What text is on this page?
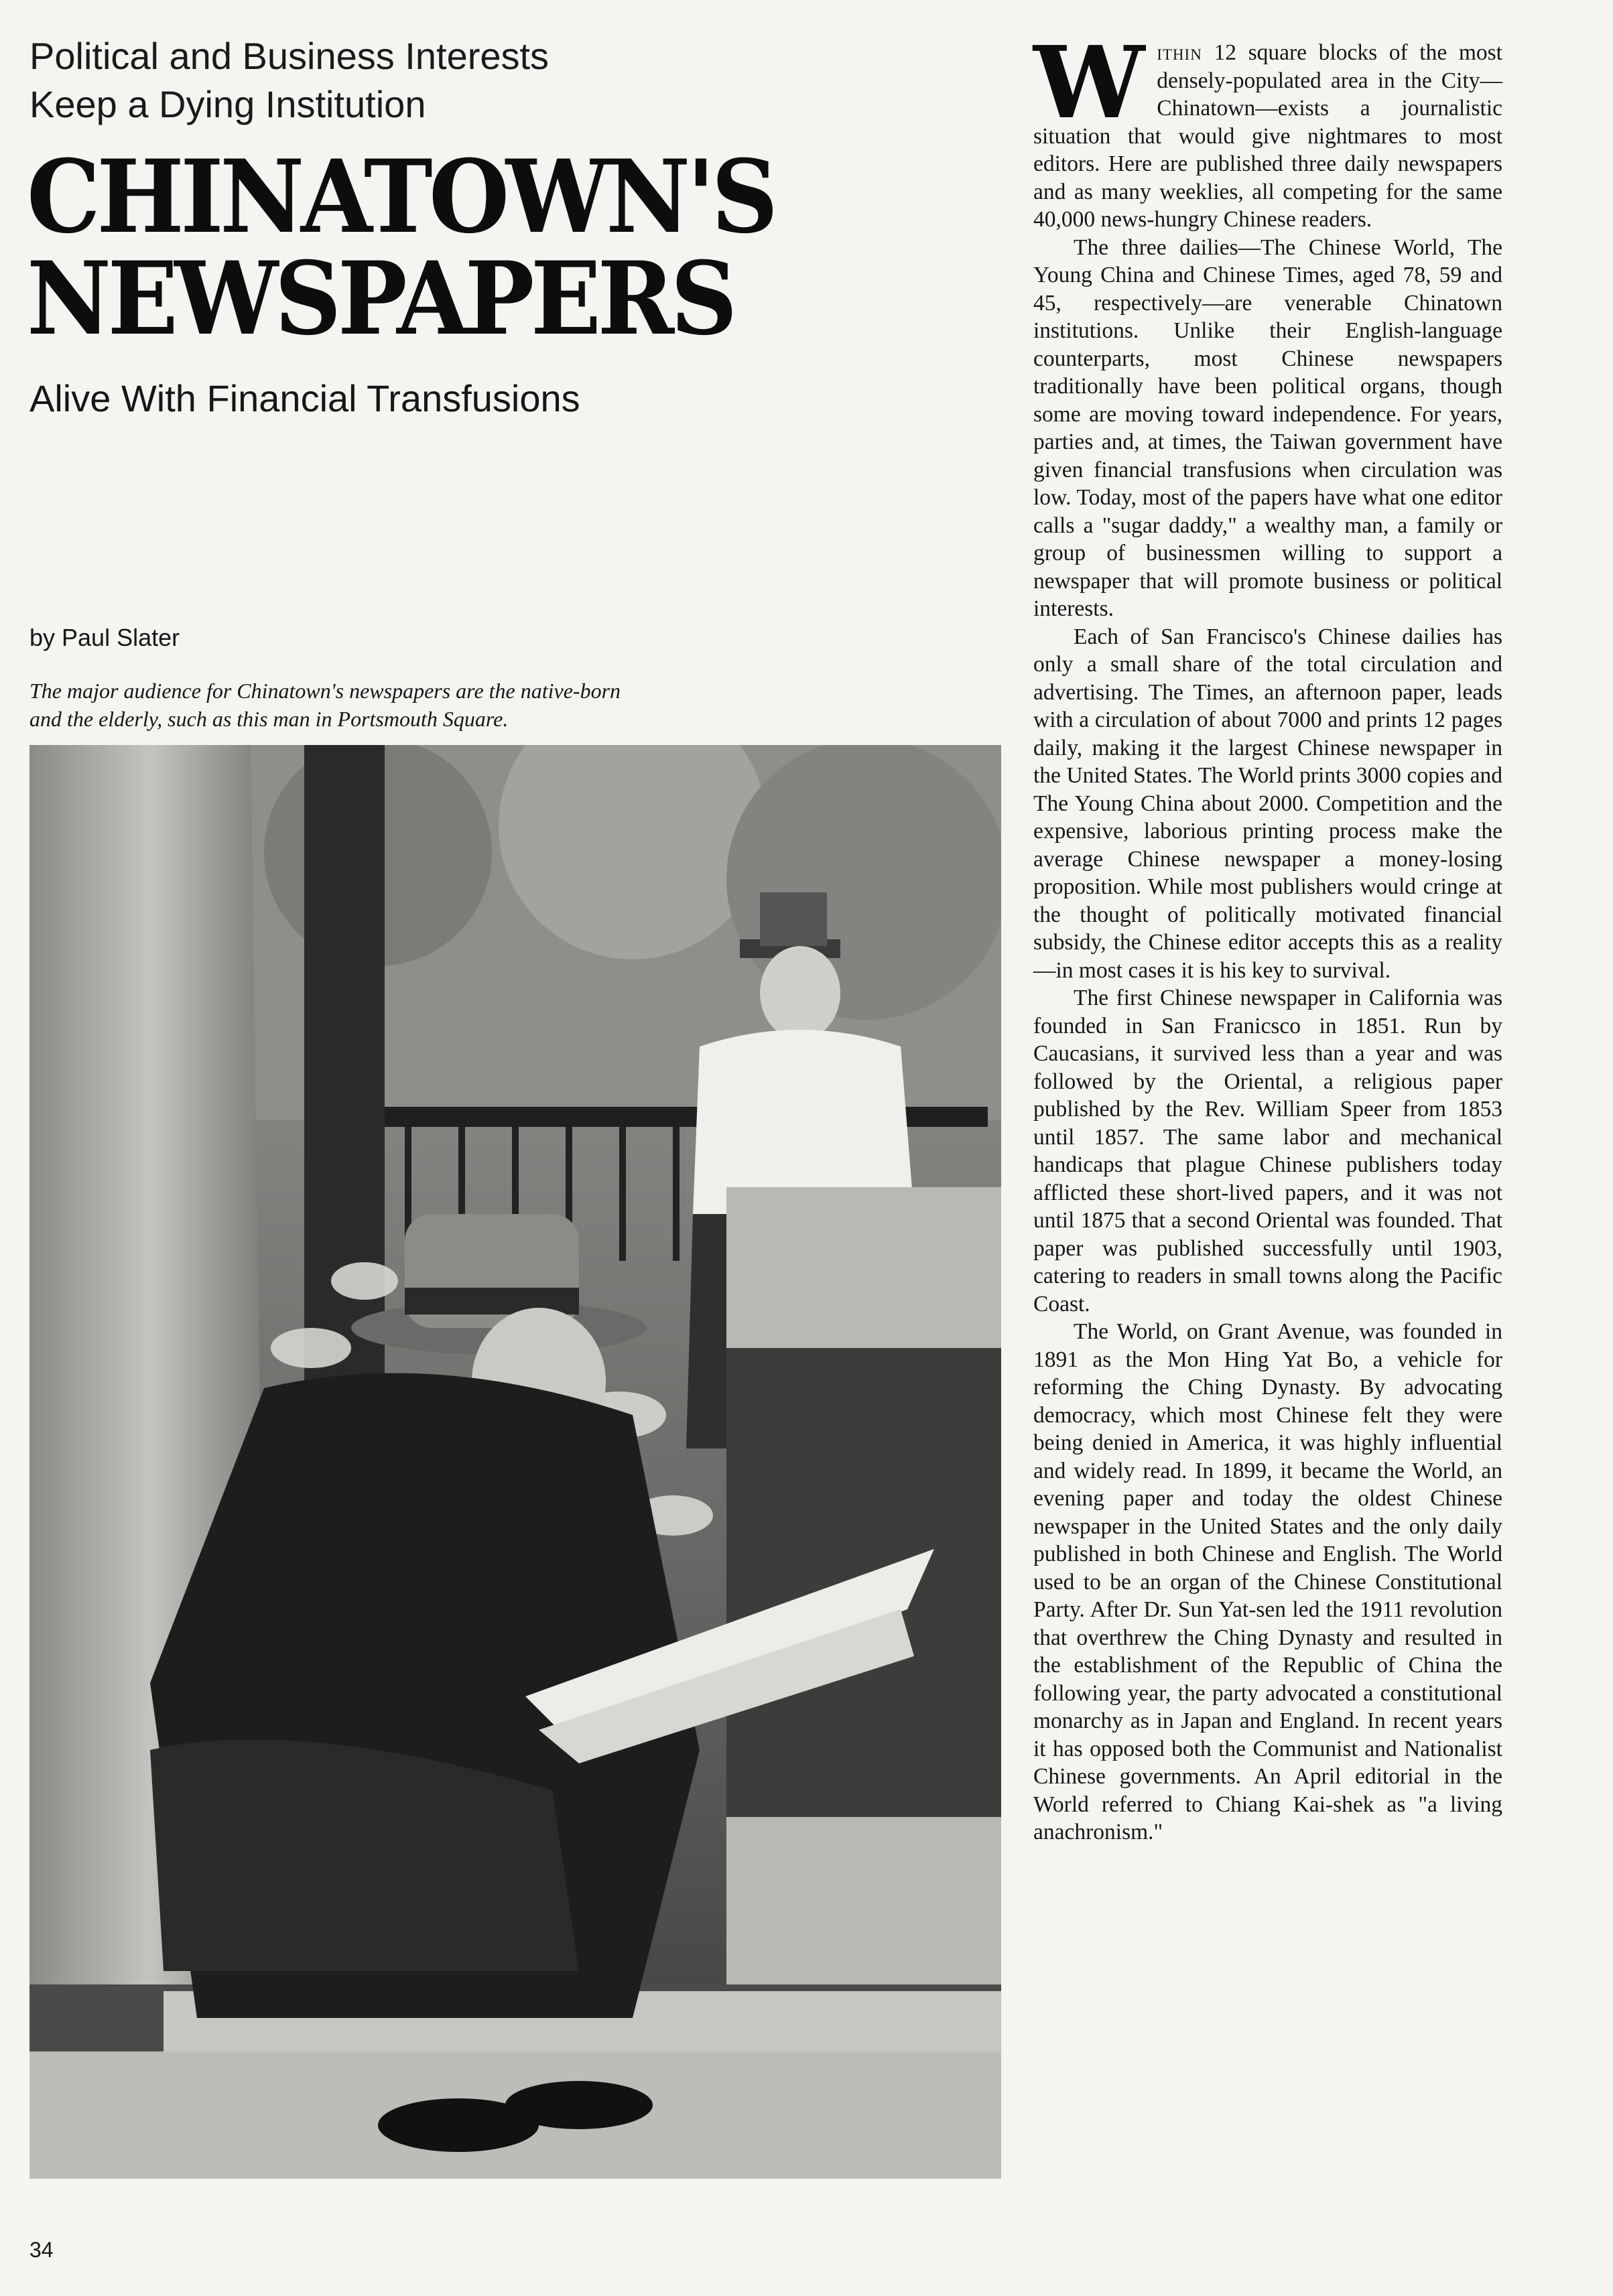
Political and Business Interests
Keep a Dying Institution
CHINATOWN'S
NEWSPAPERS
Alive With Financial Transfusions
by Paul Slater
The major audience for Chinatown's newspapers are the native-born
and the elderly, such as this man in Portsmouth Square.

Within 12 square blocks of the most densely-populated area in the City—Chinatown—exists a journalistic situation that would give nightmares to most editors. Here are published three daily newspapers and as many weeklies, all competing for the same 40,000 news-hungry Chinese readers.

The three dailies—The Chinese World, The Young China and Chinese Times, aged 78, 59 and 45, respectively—are venerable Chinatown institutions. Unlike their English-language counterparts, most Chinese newspapers traditionally have been political organs, though some are moving toward independence. For years, parties and, at times, the Taiwan government have given financial transfusions when circulation was low. Today, most of the papers have what one editor calls a "sugar daddy," a wealthy man, a family or group of businessmen willing to support a newspaper that will promote business or political interests.

Each of San Francisco's Chinese dailies has only a small share of the total circulation and advertising. The Times, an afternoon paper, leads with a circulation of about 7000 and prints 12 pages daily, making it the largest Chinese newspaper in the United States. The World prints 3000 copies and The Young China about 2000. Competition and the expensive, laborious printing process make the average Chinese newspaper a money-losing proposition. While most publishers would cringe at the thought of politically motivated financial subsidy, the Chinese editor accepts this as a reality—in most cases it is his key to survival.

The first Chinese newspaper in California was founded in San Franicsco in 1851. Run by Caucasians, it survived less than a year and was followed by the Oriental, a religious paper published by the Rev. William Speer from 1853 until 1857. The same labor and mechanical handicaps that plague Chinese publishers today afflicted these short-lived papers, and it was not until 1875 that a second Oriental was founded. That paper was published successfully until 1903, catering to readers in small towns along the Pacific Coast.

The World, on Grant Avenue, was founded in 1891 as the Mon Hing Yat Bo, a vehicle for reforming the Ching Dynasty. By advocating democracy, which most Chinese felt they were being denied in America, it was highly influential and widely read. In 1899, it became the World, an evening paper and today the oldest Chinese newspaper in the United States and the only daily published in both Chinese and English. The World used to be an organ of the Chinese Constitutional Party. After Dr. Sun Yat-sen led the 1911 revolution that overthrew the Ching Dynasty and resulted in the establishment of the Republic of China the following year, the party advocated a constitutional monarchy as in Japan and England. In recent years it has opposed both the Communist and Nationalist Chinese governments. An April editorial in the World referred to Chiang Kai-shek as "a living anachronism."

34
